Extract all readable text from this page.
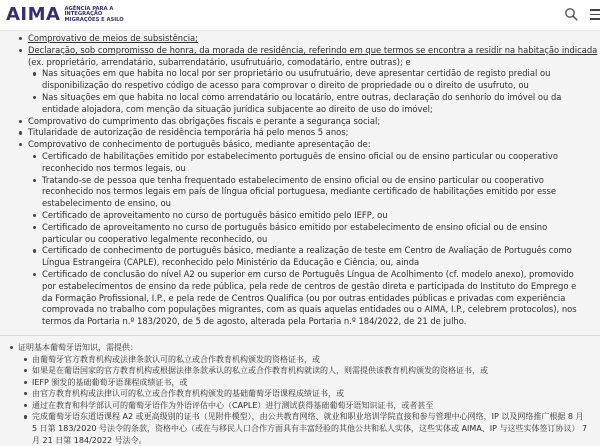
AIMA AGÊNCIA PARA A INTEGRAÇÃO MIGRAÇÕES E ASILO
Comprovativo de meios de subsistência;
Declaração, sob compromisso de honra, da morada de residência, referindo em que termos se encontra a residir na habitação indicada (ex. proprietário, arrendatário, subarrendatário, usufrutuário, comodatário, entre outras); e
Nas situações em que habita no local por ser proprietário ou usufrutuário, deve apresentar certidão de registo predial ou disponibilização do respetivo código de acesso para comprovar o direito de propriedade ou o direito de usufruto, ou
Nas situações em que habita no local como arrendatário ou locatário, entre outras, declaração do senhorio do imóvel ou da entidade alojadora, com menção da situação jurídica subjacente ao direito de uso do imóvel;
Comprovativo do cumprimento das obrigações fiscais e perante a segurança social;
Titularidade de autorização de residência temporária há pelo menos 5 anos;
Comprovativo de conhecimento de português básico, mediante apresentação de:
Certificado de habilitações emitido por estabelecimento português de ensino oficial ou de ensino particular ou cooperativo reconhecido nos termos legais, ou
Tratando-se de pessoa que tenha frequentado estabelecimento de ensino oficial ou de ensino particular ou cooperativo reconhecido nos termos legais em país de língua oficial portuguesa, mediante certificado de habilitações emitido por esse estabelecimento de ensino, ou
Certificado de aproveitamento no curso de português básico emitido pelo IEFP, ou
Certificado de aproveitamento no curso de português básico emitido por estabelecimento de ensino oficial ou de ensino particular ou cooperativo legalmente reconhecido, ou
Certificado de conhecimento de português básico, mediante a realização de teste em Centro de Avaliação de Português como Língua Estrangeira (CAPLE), reconhecido pelo Ministério da Educação e Ciência, ou, ainda
Certificado de conclusão do nível A2 ou superior em curso de Português Língua de Acolhimento (cf. modelo anexo), promovido por estabelecimentos de ensino da rede pública, pela rede de centros de gestão direta e participada do Instituto do Emprego e da Formação Profissional, I.P., e pela rede de Centros Qualifica (ou por outras entidades públicas e privadas com experiência comprovada no trabalho com populações migrantes, com as quais aquelas entidades ou o AIMA, I.P., celebrem protocolos), nos termos da Portaria n.º 183/2020, de 5 de agosto, alterada pela Portaria n.º 184/2022, de 21 de julho.
证明基本葡萄牙语知识，需提供：
由葡萄牙官方教育机构或法律条款认可的私立或合作教育机构颁发的资格证书，或
如果是在葡语国家的官方教育机构或根据法律条款承认的私立或合作教育机构就读的人，则需提供该教育机构颁发的资格证书，或
IEFP 颁发的基础葡萄牙语课程成绩证书，或
由官方教育机构或法律认可的私立或合作教育机构颁发的基础葡萄牙语课程成绩证书，或
通过在教育和科学部认可的葡萄牙语作为外语评估中心（CAPLE）进行测试获得基础葡萄牙语知识证书，或者甚至
完成葡萄牙语东道语课程 A2 或更高级别的证书（见附件模型），由公共教育网络、就业和职业培训学院直接和参与管理中心网络，IP 以及网络推广根据 8 月 5 日第 183/2020 号法令的条款，资格中心（或在与移民人口合作方面具有丰富经验的其他公共和私人实体，这些实体或 AIMA、IP 与这些实体签订协议） 7 月 21 日第 184/2022 号法令。
